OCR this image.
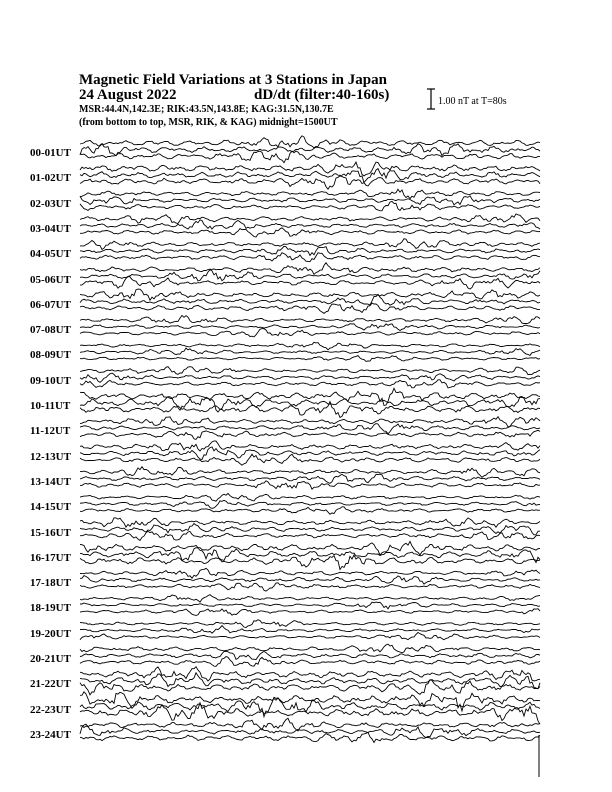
Magnetic Field Variations at 3 Stations in Japan
24 August 2022	dD/dt (filter:40-160s)
MSR:44.4N,142.3E; RIK:43.5N,143.8E; KAG:31.5N,130.7E
(from bottom to top, MSR, RIK, & KAG) midnight=1500UT
1.00 nT at T=80s
00-01UT
01-02UT
02-03UT
03-04UT
04-05UT
05-06UT
06-07UT
07-08UT
08-09UT
09-10UT
10-11UT
11-12UT
12-13UT
13-14UT
14-15UT
15-16UT
16-17UT
17-18UT
18-19UT
19-20UT
20-21UT
21-22UT
22-23UT
23-24UT
